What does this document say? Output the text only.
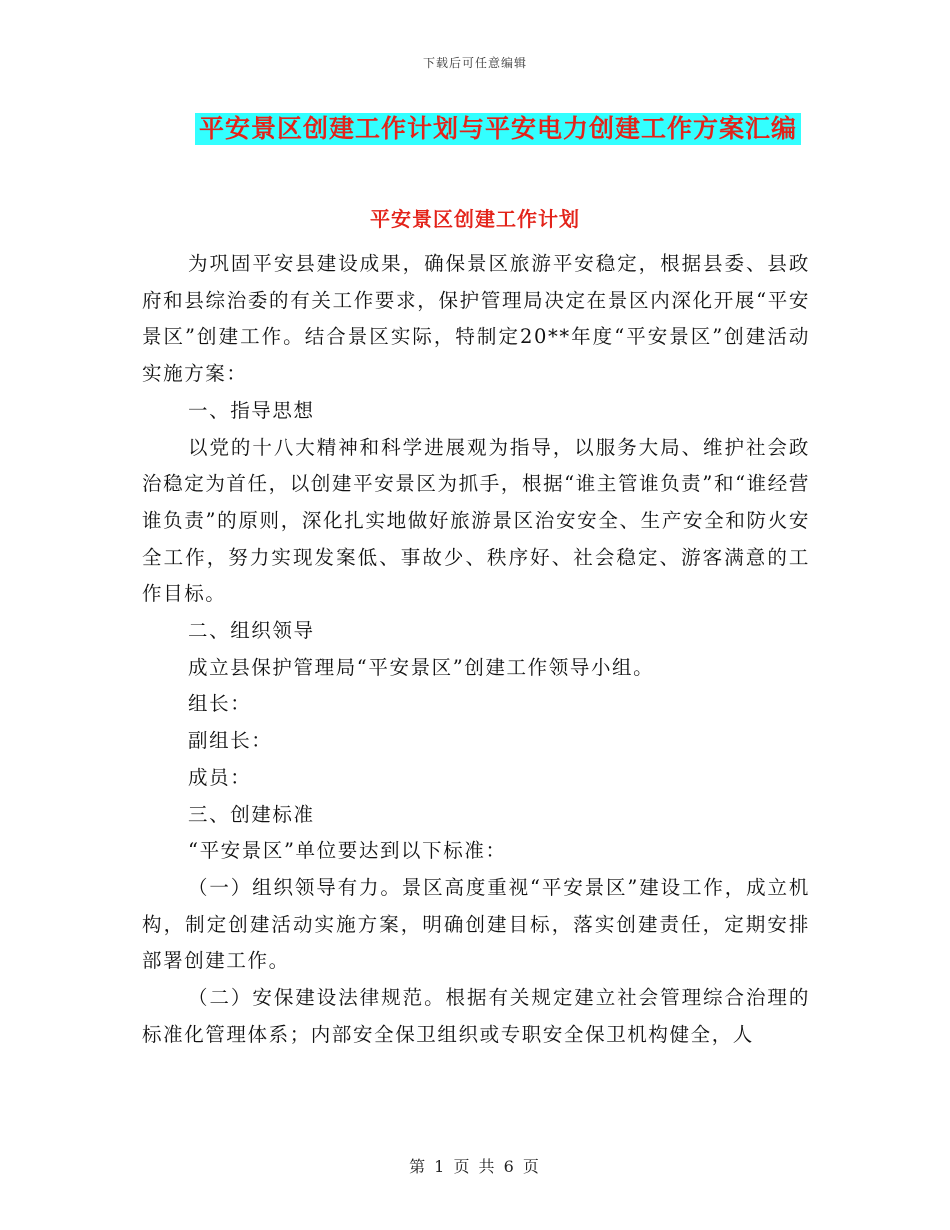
下载后可任意编辑
平安景区创建工作计划与平安电力创建工作方案汇编
平安景区创建工作计划

为巩固平安县建设成果，确保景区旅游平安稳定，根据县委、县政府和县综治委的有关工作要求，保护管理局决定在景区内深化开展“平安景区”创建工作。结合景区实际，特制定20**年度“平安景区”创建活动实施方案：

一、指导思想

以党的十八大精神和科学进展观为指导，以服务大局、维护社会政治稳定为首任，以创建平安景区为抓手，根据“谁主管谁负责”和“谁经营谁负责”的原则，深化扎实地做好旅游景区治安安全、生产安全和防火安全工作，努力实现发案低、事故少、秩序好、社会稳定、游客满意的工作目标。

二、组织领导

成立县保护管理局“平安景区”创建工作领导小组。

组长：

副组长：

成员：

三、创建标准

“平安景区”单位要达到以下标准：

（一）组织领导有力。景区高度重视“平安景区”建设工作，成立机构，制定创建活动实施方案，明确创建目标，落实创建责任，定期安排部署创建工作。

（二）安保建设法律规范。根据有关规定建立社会管理综合治理的标准化管理体系；内部安全保卫组织或专职安全保卫机构健全，人

第 1 页 共 6 页
